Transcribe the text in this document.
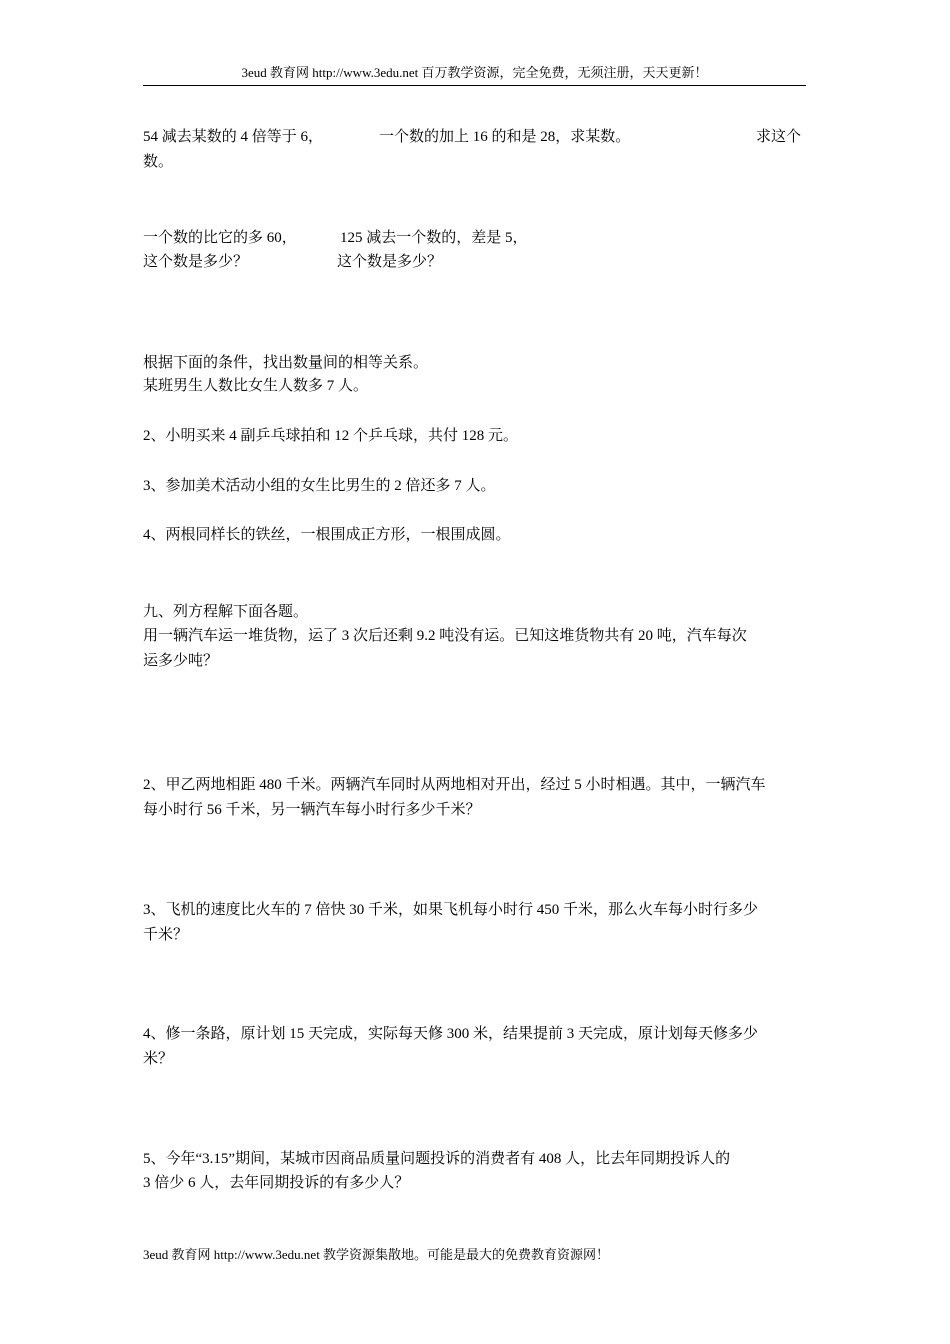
3eud 教育网 http://www.3edu.net 百万教学资源，完全免费，无须注册，天天更新！
54 减去某数的 4 倍等于 6，	一个数的加上 16 的和是 28，求某数。	求这个
数。
一个数的比它的多 60，
这个数是多少？
125 减去一个数的，差是 5，
这个数是多少？
根据下面的条件，找出数量间的相等关系。
某班男生人数比女生人数多 7 人。
2、小明买来 4 副乒乓球拍和 12 个乒乓球，共付 128 元。
3、参加美术活动小组的女生比男生的 2 倍还多 7 人。
4、两根同样长的铁丝，一根围成正方形，一根围成圆。
九、列方程解下面各题。
用一辆汽车运一堆货物，运了 3 次后还剩 9.2 吨没有运。已知这堆货物共有 20 吨，汽车每次
运多少吨？
2、甲乙两地相距 480 千米。两辆汽车同时从两地相对开出，经过 5 小时相遇。其中，一辆汽车
每小时行 56 千米，另一辆汽车每小时行多少千米？
3、飞机的速度比火车的 7 倍快 30 千米，如果飞机每小时行 450 千米，那么火车每小时行多少
千米？
4、修一条路，原计划 15 天完成，实际每天修 300 米，结果提前 3 天完成，原计划每天修多少
米？
5、今年“3.15”期间，某城市因商品质量问题投诉的消费者有 408 人，比去年同期投诉人的
3 倍少 6 人，去年同期投诉的有多少人？
3eud 教育网 http://www.3edu.net 教学资源集散地。可能是最大的免费教育资源网！
